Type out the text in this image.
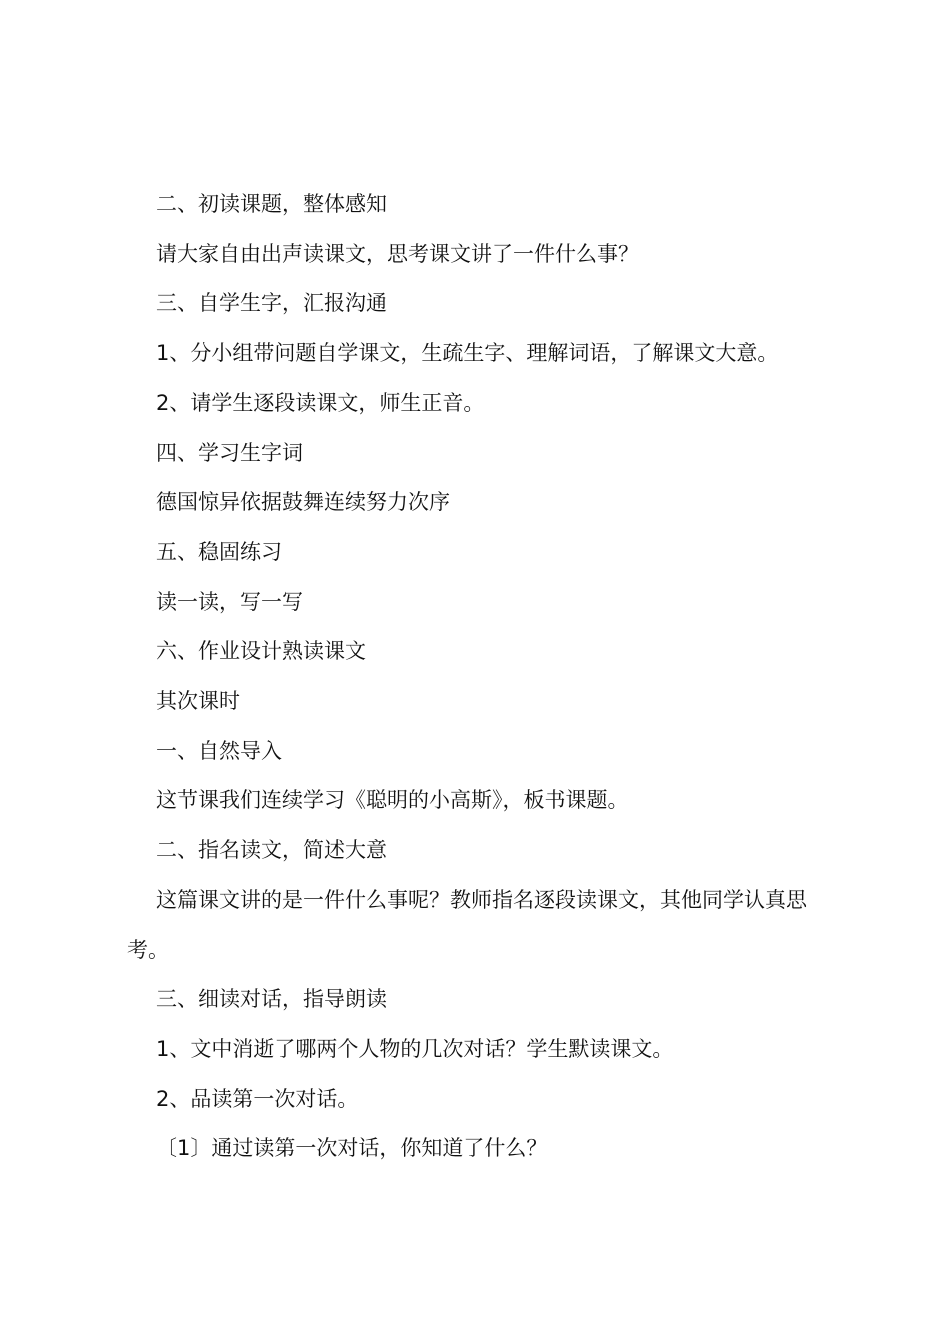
二、初读课题，整体感知

请大家自由出声读课文，思考课文讲了一件什么事？

三、自学生字，汇报沟通

1、分小组带问题自学课文，生疏生字、理解词语，了解课文大意。

2、请学生逐段读课文，师生正音。

四、学习生字词

德国惊异依据鼓舞连续努力次序

五、稳固练习

读一读，写一写

六、作业设计熟读课文

其次课时

一、自然导入

这节课我们连续学习《聪明的小高斯》，板书课题。

二、指名读文，简述大意

这篇课文讲的是一件什么事呢？教师指名逐段读课文，其他同学认真思考。

三、细读对话，指导朗读

1、文中消逝了哪两个人物的几次对话？学生默读课文。

2、品读第一次对话。

〔1〕通过读第一次对话，你知道了什么？
